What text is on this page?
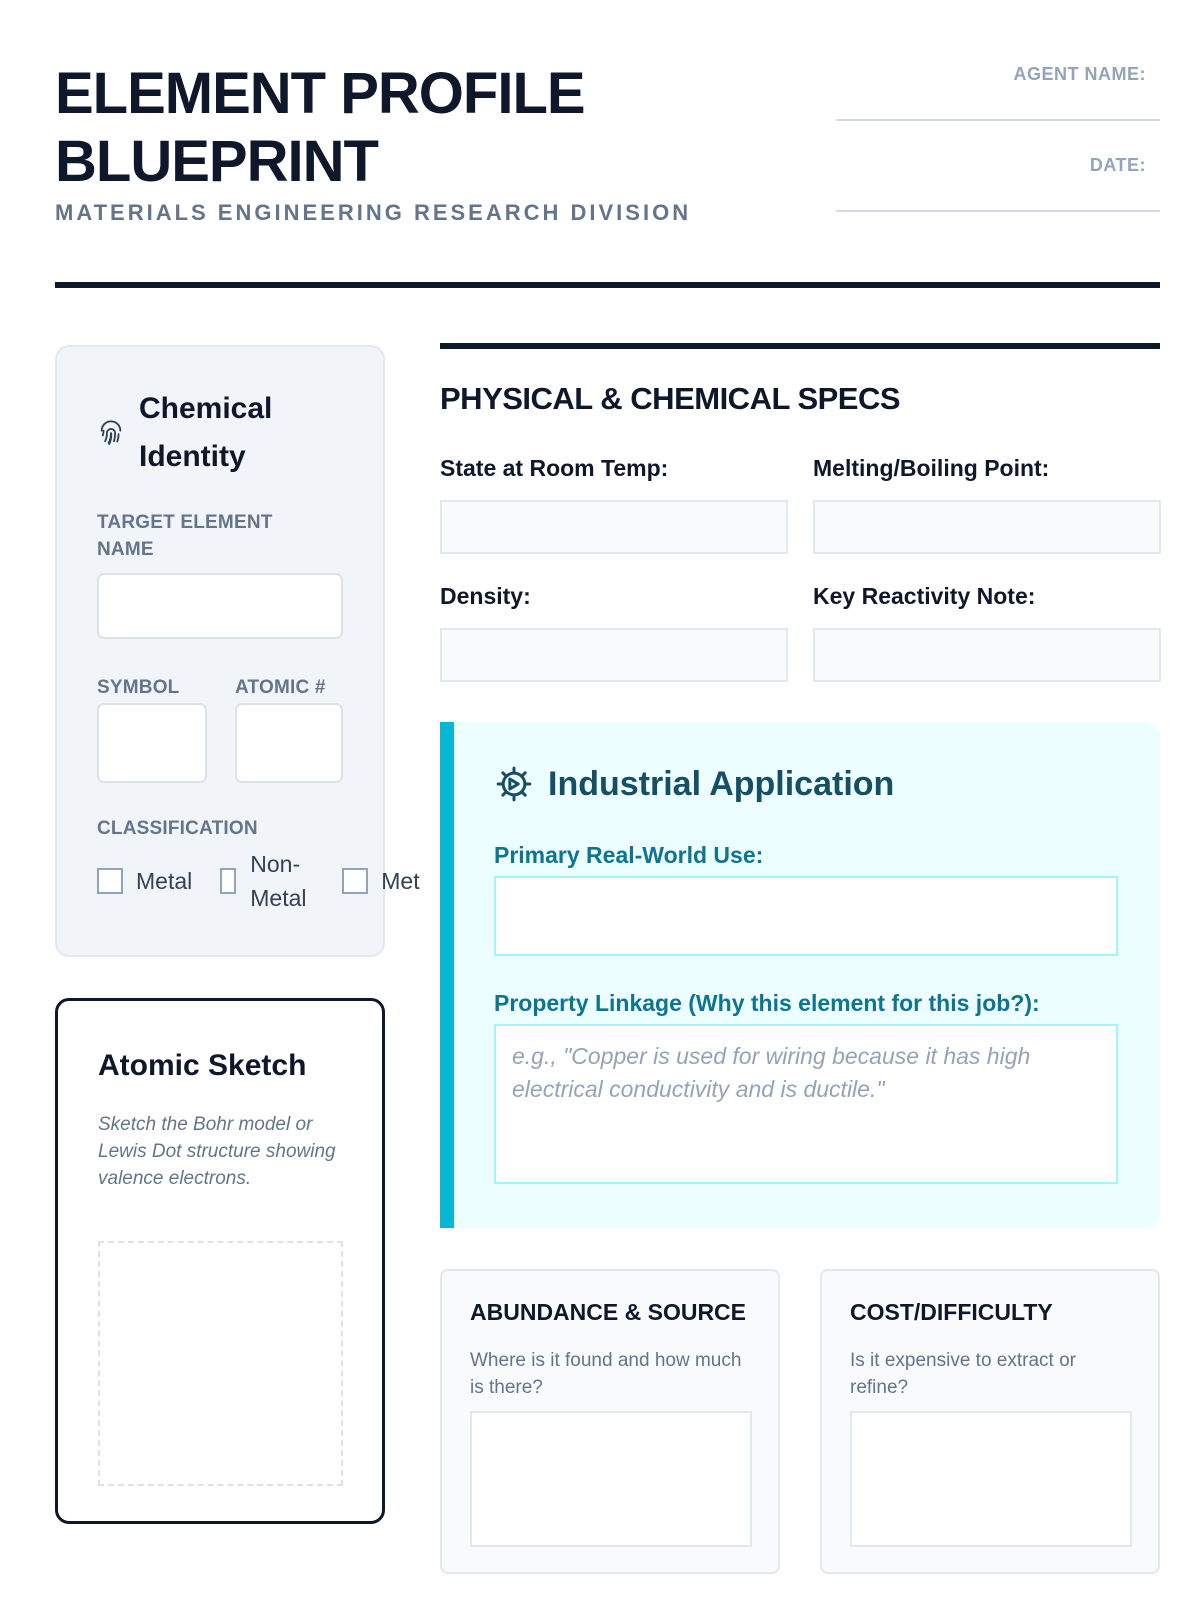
ELEMENT PROFILE BLUEPRINT
MATERIALS ENGINEERING RESEARCH DIVISION
AGENT NAME:
DATE:
Chemical Identity
TARGET ELEMENT NAME
SYMBOL	ATOMIC #
CLASSIFICATION
Metal
Non-Metal
Met
Atomic Sketch
Sketch the Bohr model or Lewis Dot structure showing valence electrons.
PHYSICAL & CHEMICAL SPECS
State at Room Temp:	Melting/Boiling Point:
Density:	Key Reactivity Note:
Industrial Application
Primary Real-World Use:
Property Linkage (Why this element for this job?):
e.g., "Copper is used for wiring because it has high electrical conductivity and is ductile."
ABUNDANCE & SOURCE
Where is it found and how much is there?
COST/DIFFICULTY
Is it expensive to extract or refine?
